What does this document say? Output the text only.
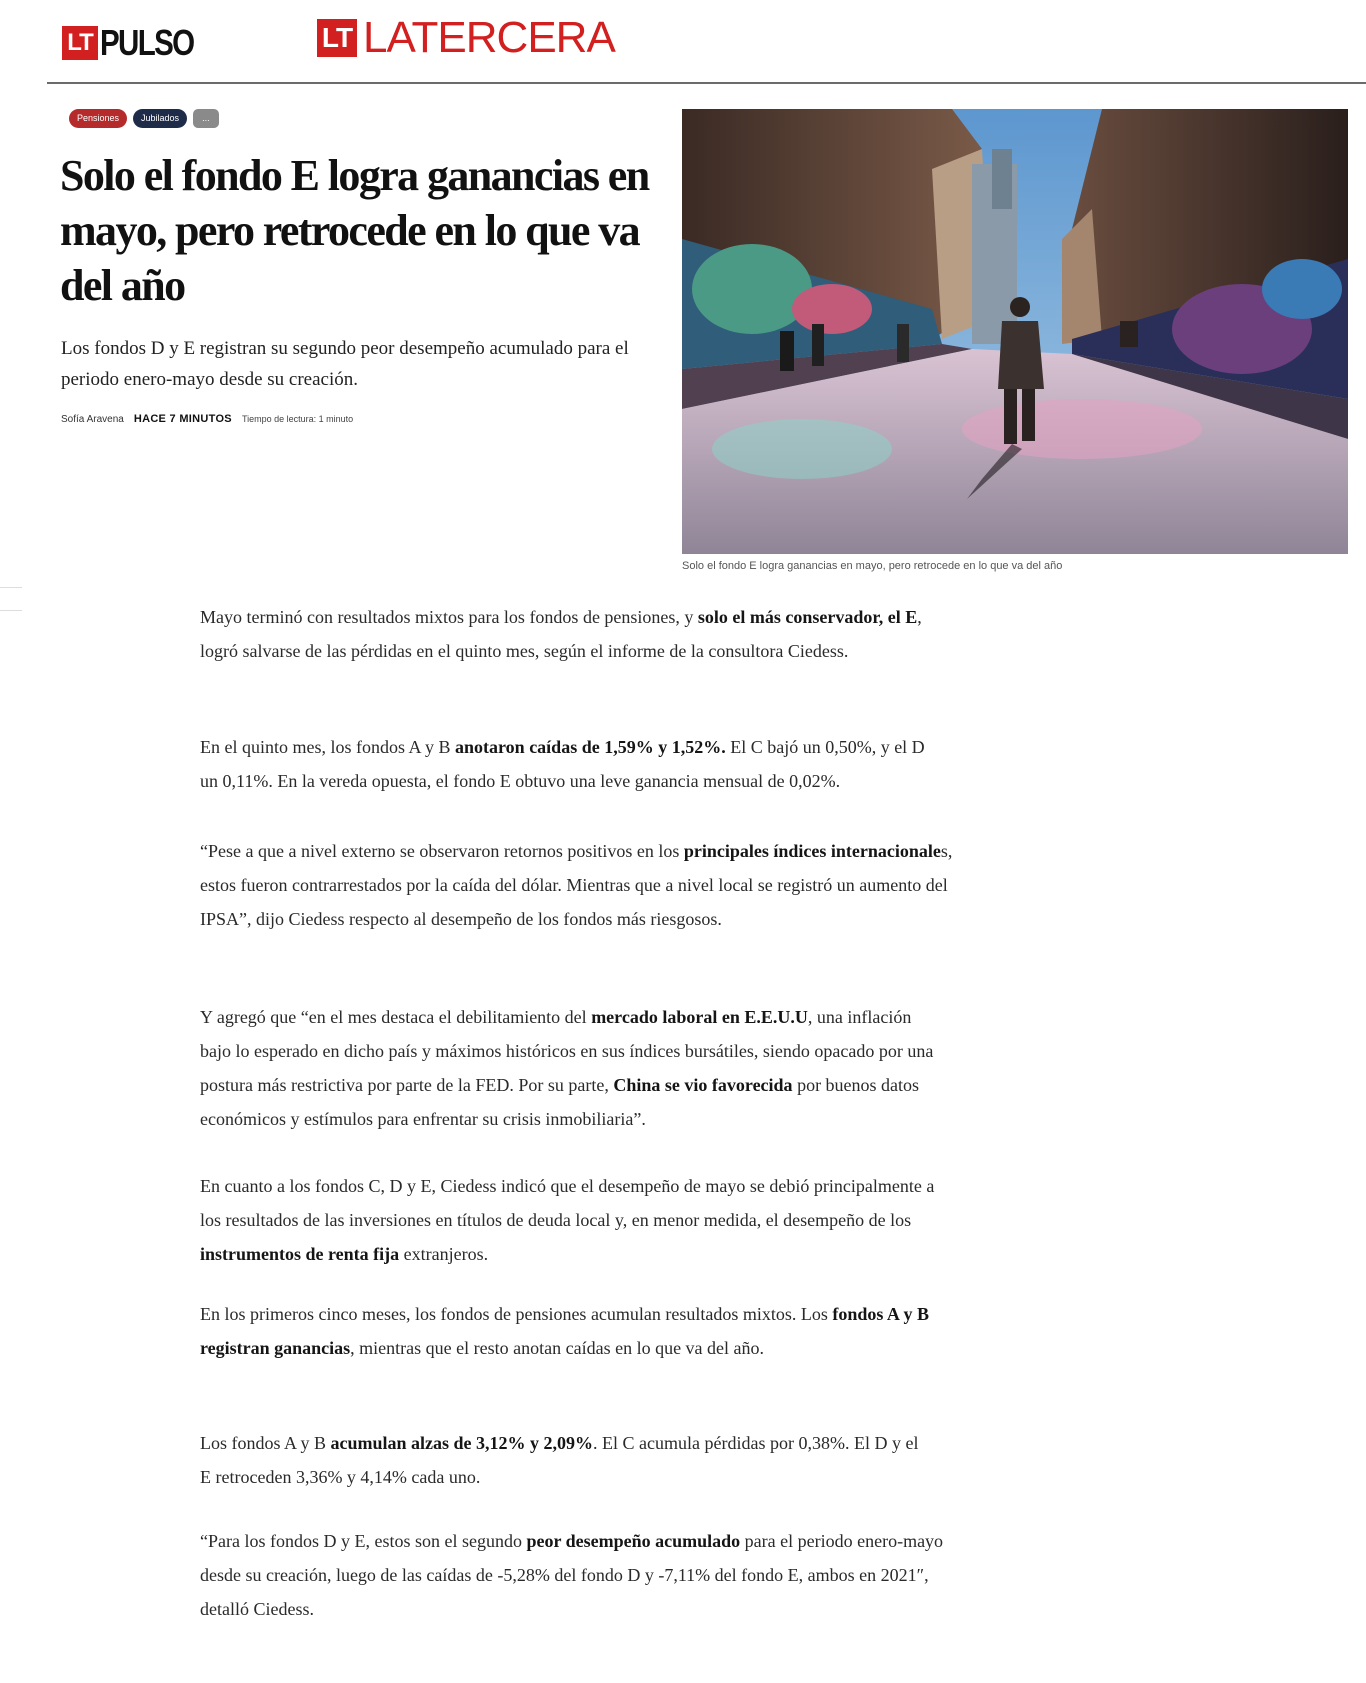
LT PULSO	LT LATERCERA
Pensiones	Jubilados	...
Solo el fondo E logra ganancias en mayo, pero retrocede en lo que va del año

Los fondos D y E registran su segundo peor desempeño acumulado para el periodo enero-mayo desde su creación.

Sofía Aravena HACE 7 MINUTOS Tiempo de lectura: 1 minuto
Solo el fondo E logra ganancias en mayo, pero retrocede en lo que va del año

Mayo terminó con resultados mixtos para los fondos de pensiones, y solo el más conservador, el E, logró salvarse de las pérdidas en el quinto mes, según el informe de la consultora Ciedess.

En el quinto mes, los fondos A y B anotaron caídas de 1,59% y 1,52%. El C bajó un 0,50%, y el D un 0,11%. En la vereda opuesta, el fondo E obtuvo una leve ganancia mensual de 0,02%.

“Pese a que a nivel externo se observaron retornos positivos en los principales índices internacionales, estos fueron contrarrestados por la caída del dólar. Mientras que a nivel local se registró un aumento del IPSA”, dijo Ciedess respecto al desempeño de los fondos más riesgosos.

Y agregó que “en el mes destaca el debilitamiento del mercado laboral en E.E.U.U, una inflación bajo lo esperado en dicho país y máximos históricos en sus índices bursátiles, siendo opacado por una postura más restrictiva por parte de la FED. Por su parte, China se vio favorecida por buenos datos económicos y estímulos para enfrentar su crisis inmobiliaria”.

En cuanto a los fondos C, D y E, Ciedess indicó que el desempeño de mayo se debió principalmente a los resultados de las inversiones en títulos de deuda local y, en menor medida, el desempeño de los instrumentos de renta fija extranjeros.

En los primeros cinco meses, los fondos de pensiones acumulan resultados mixtos. Los fondos A y B registran ganancias, mientras que el resto anotan caídas en lo que va del año.

Los fondos A y B acumulan alzas de 3,12% y 2,09%. El C acumula pérdidas por 0,38%. El D y el E retroceden 3,36% y 4,14% cada uno.

“Para los fondos D y E, estos son el segundo peor desempeño acumulado para el periodo enero-mayo desde su creación, luego de las caídas de -5,28% del fondo D y -7,11% del fondo E, ambos en 2021″, detalló Ciedess.
